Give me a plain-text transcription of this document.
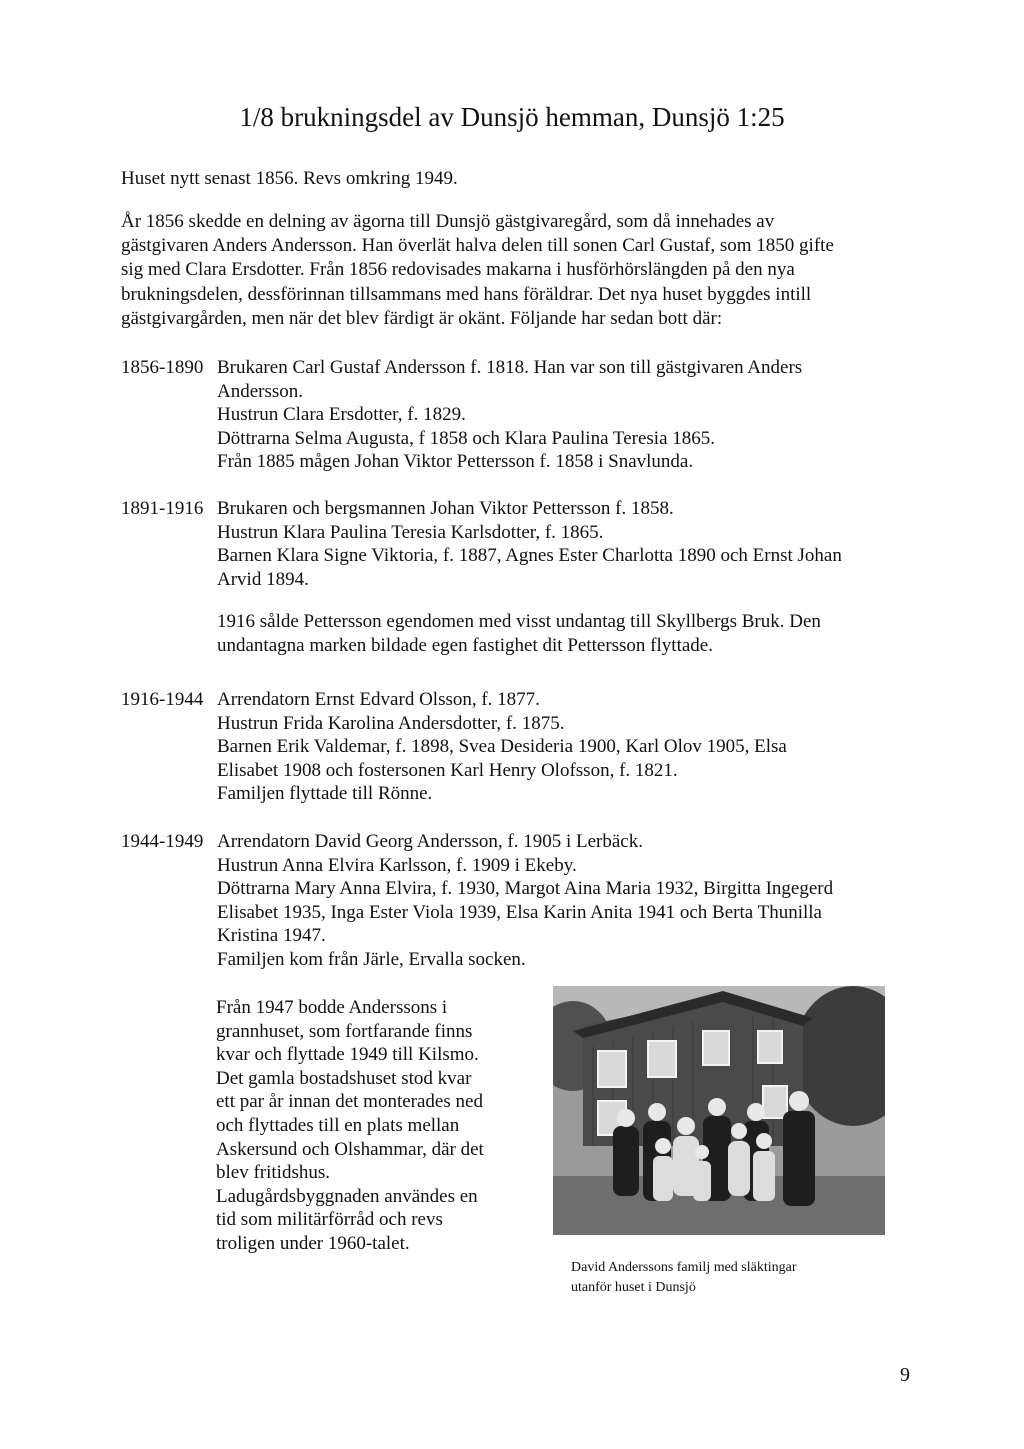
1/8 brukningsdel av Dunsjö hemman, Dunsjö 1:25

Huset nytt senast 1856. Revs omkring 1949.

År 1856 skedde en delning av ägorna till Dunsjö gästgivaregård, som då innehades av
gästgivaren Anders Andersson. Han överlät halva delen till sonen Carl Gustaf, som 1850 gifte
sig med Clara Ersdotter. Från 1856 redovisades makarna i husförhörslängden på den nya
brukningsdelen, dessförinnan tillsammans med hans föräldrar. Det nya huset byggdes intill
gästgivargården, men när det blev färdigt är okänt. Följande har sedan bott där:
1856-1890 Brukaren Carl Gustaf Andersson f. 1818. Han var son till gästgivaren Anders
Andersson.
Hustrun Clara Ersdotter, f. 1829.
Döttrarna Selma Augusta, f 1858 och Klara Paulina Teresia 1865.
Från 1885 mågen Johan Viktor Pettersson f. 1858 i Snavlunda.
1891-1916 Brukaren och bergsmannen Johan Viktor Pettersson f. 1858.
Hustrun Klara Paulina Teresia Karlsdotter, f. 1865.
Barnen Klara Signe Viktoria, f. 1887, Agnes Ester Charlotta 1890 och Ernst Johan
Arvid 1894.
1916 sålde Pettersson egendomen med visst undantag till Skyllbergs Bruk. Den
undantagna marken bildade egen fastighet dit Pettersson flyttade.
1916-1944 Arrendatorn Ernst Edvard Olsson, f. 1877.
Hustrun Frida Karolina Andersdotter, f. 1875.
Barnen Erik Valdemar, f. 1898, Svea Desideria 1900, Karl Olov 1905, Elsa
Elisabet 1908 och fostersonen Karl Henry Olofsson, f. 1821.
Familjen flyttade till Rönne.
1944-1949 Arrendatorn David Georg Andersson, f. 1905 i Lerbäck.
Hustrun Anna Elvira Karlsson, f. 1909 i Ekeby.
Döttrarna Mary Anna Elvira, f. 1930, Margot Aina Maria 1932, Birgitta Ingegerd
Elisabet 1935, Inga Ester Viola 1939, Elsa Karin Anita 1941 och Berta Thunilla
Kristina 1947.
Familjen kom från Järle, Ervalla socken.
Från 1947 bodde Anderssons i
grannhuset, som fortfarande finns
kvar och flyttade 1949 till Kilsmo.
Det gamla bostadshuset stod kvar
ett par år innan det monterades ned
och flyttades till en plats mellan
Askersund och Olshammar, där det
blev fritidshus.
Ladugårdsbyggnaden användes en
tid som militärförråd och revs
troligen under 1960-talet.
David Anderssons familj med släktingar
utanför huset i Dunsjö
9
